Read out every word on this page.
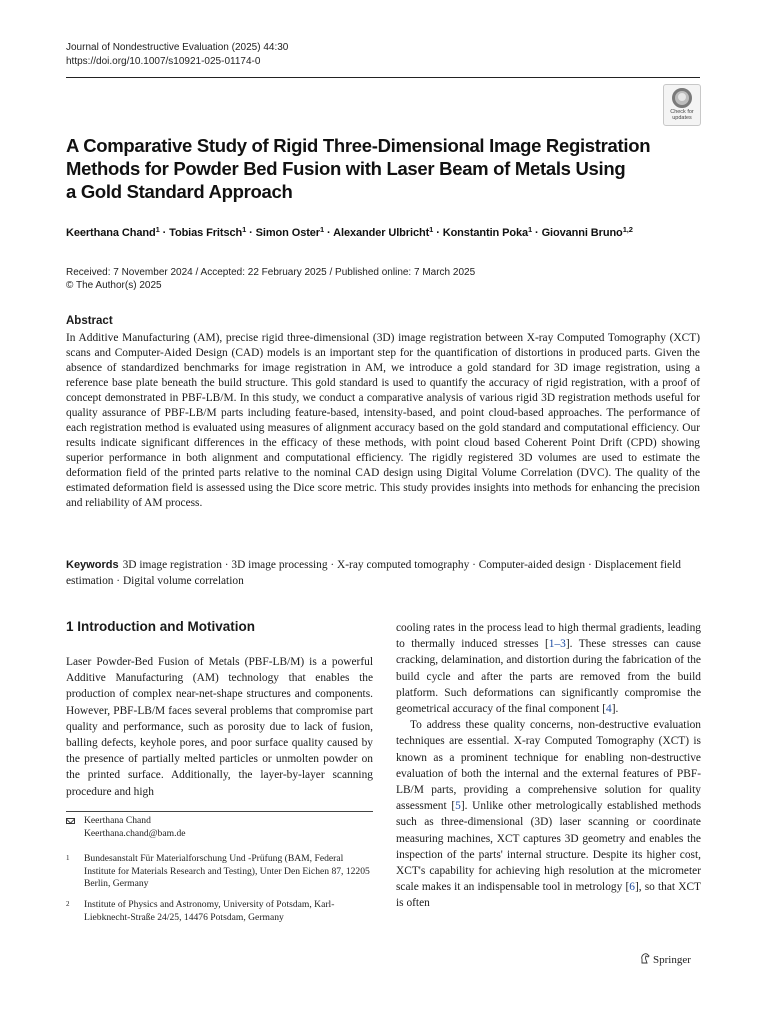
Journal of Nondestructive Evaluation (2025) 44:30
https://doi.org/10.1007/s10921-025-01174-0
Check for
updates
A Comparative Study of Rigid Three-Dimensional Image Registration
Methods for Powder Bed Fusion with Laser Beam of Metals Using
a Gold Standard Approach
Keerthana Chand$^1$ · Tobias Fritsch$^1$ · Simon Oster$^1$ · Alexander Ulbricht$^1$ · Konstantin Poka$^1$ · Giovanni Bruno$^{1,2}$
Received: 7 November 2024 / Accepted: 22 February 2025 / Published online: 7 March 2025
© The Author(s) 2025
Abstract
In Additive Manufacturing (AM), precise rigid three-dimensional (3D) image registration between X-ray Computed Tomography (XCT) scans and Computer-Aided Design (CAD) models is an important step for the quantification of distortions in produced parts. Given the absence of standardized benchmarks for image registration in AM, we introduce a gold standard for 3D image registration, using a reference base plate beneath the build structure. This gold standard is used to quantify the accuracy of rigid registration, with a proof of concept demonstrated in PBF-LB/M. In this study, we conduct a comparative analysis of various rigid 3D registration methods useful for quality assurance of PBF-LB/M parts including feature-based, intensity-based, and point cloud-based approaches. The performance of each registration method is evaluated using measures of alignment accuracy based on the gold standard and computational efficiency. Our results indicate significant differences in the efficacy of these methods, with point cloud based Coherent Point Drift (CPD) showing superior performance in both alignment and computational efficiency. The rigidly registered 3D volumes are used to estimate the deformation field of the printed parts relative to the nominal CAD design using Digital Volume Correlation (DVC). The quality of the estimated deformation field is assessed using the Dice score metric. This study provides insights into methods for enhancing the precision and reliability of AM process.
Keywords 3D image registration · 3D image processing · X-ray computed tomography · Computer-aided design · Displacement field estimation · Digital volume correlation
1 Introduction and Motivation

Laser Powder-Bed Fusion of Metals (PBF-LB/M) is a powerful Additive Manufacturing (AM) technology that enables the production of complex near-net-shape structures and components. However, PBF-LB/M faces several problems that compromise part quality and performance, such as porosity due to lack of fusion, balling defects, keyhole pores, and poor surface quality caused by the presence of partially melted particles or unmolten powder on the printed surface. Additionally, the layer-by-layer scanning procedure and high

cooling rates in the process lead to high thermal gradients, leading to thermally induced stresses [1–3]. These stresses can cause cracking, delamination, and distortion during the fabrication of the build cycle and after the parts are removed from the build platform. Such deformations can significantly compromise the geometrical accuracy of the final component [4].

To address these quality concerns, non-destructive evaluation techniques are essential. X-ray Computed Tomography (XCT) is known as a prominent technique for enabling non-destructive evaluation of both the internal and the external features of PBF-LB/M parts, providing a comprehensive solution for quality assessment [5]. Unlike other metrologically established methods such as three-dimensional (3D) laser scanning or coordinate measuring machines, XCT captures 3D geometry and enables the inspection of the parts' internal structure. Despite its higher cost, XCT's capability for achieving high resolution at the micrometer scale makes it an indispensable tool in metrology [6], so that XCT is often

Keerthana Chand
Keerthana.chand@bam.de
1	Bundesanstalt Für Materialforschung Und -Prüfung (BAM, Federal Institute for Materials Research and Testing), Unter Den Eichen 87, 12205 Berlin, Germany
2	Institute of Physics and Astronomy, University of Potsdam, Karl-Liebknecht-Straße 24/25, 14476 Potsdam, Germany
Springer
